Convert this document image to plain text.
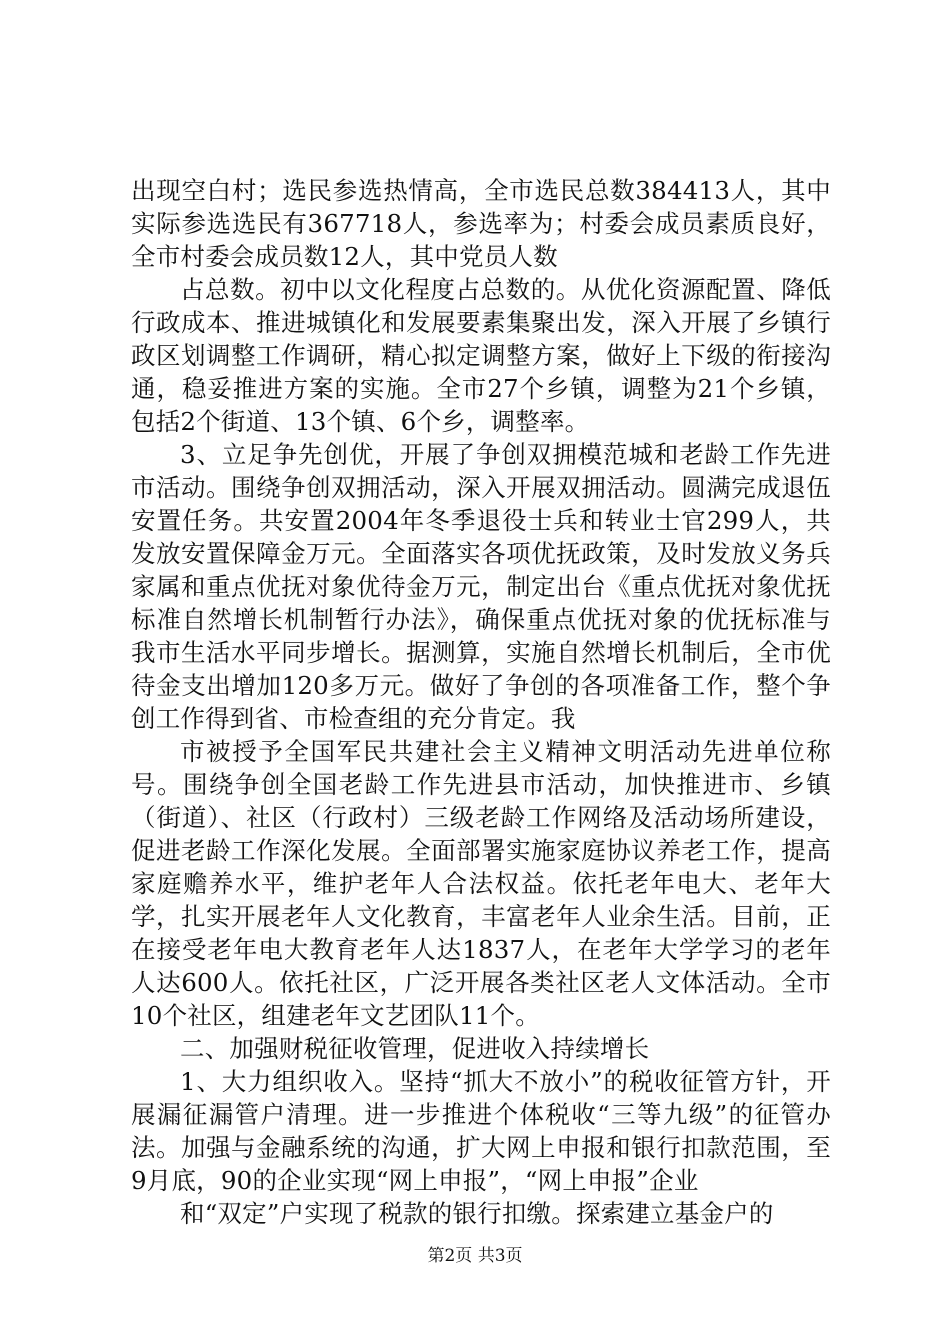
出现空白村；选民参选热情高，全市选民总数384413人，其中实际参选选民有367718人，参选率为；村委会成员素质良好，全市村委会成员数12人，其中党员人数

占总数。初中以文化程度占总数的。从优化资源配置、降低行政成本、推进城镇化和发展要素集聚出发，深入开展了乡镇行政区划调整工作调研，精心拟定调整方案，做好上下级的衔接沟通，稳妥推进方案的实施。全市27个乡镇，调整为21个乡镇，包括2个街道、13个镇、6个乡，调整率。

3、立足争先创优，开展了争创双拥模范城和老龄工作先进市活动。围绕争创双拥活动，深入开展双拥活动。圆满完成退伍安置任务。共安置2004年冬季退役士兵和转业士官299人，共发放安置保障金万元。全面落实各项优抚政策，及时发放义务兵家属和重点优抚对象优待金万元，制定出台《重点优抚对象优抚标准自然增长机制暂行办法》，确保重点优抚对象的优抚标准与我市生活水平同步增长。据测算，实施自然增长机制后，全市优待金支出增加120多万元。做好了争创的各项准备工作，整个争创工作得到省、市检查组的充分肯定。我

市被授予全国军民共建社会主义精神文明活动先进单位称号。围绕争创全国老龄工作先进县市活动，加快推进市、乡镇（街道）、社区（行政村）三级老龄工作网络及活动场所建设，促进老龄工作深化发展。全面部署实施家庭协议养老工作，提高家庭赡养水平，维护老年人合法权益。依托老年电大、老年大学，扎实开展老年人文化教育，丰富老年人业余生活。目前，正在接受老年电大教育老年人达1837人，在老年大学学习的老年人达600人。依托社区，广泛开展各类社区老人文体活动。全市10个社区，组建老年文艺团队11个。

二、加强财税征收管理，促进收入持续增长

1、大力组织收入。坚持“抓大不放小”的税收征管方针，开展漏征漏管户清理。进一步推进个体税收“三等九级”的征管办法。加强与金融系统的沟通，扩大网上申报和银行扣款范围，至9月底，90的企业实现“网上申报”，“网上申报”企业

和“双定”户实现了税款的银行扣缴。探索建立基金户的

第2页 共3页
